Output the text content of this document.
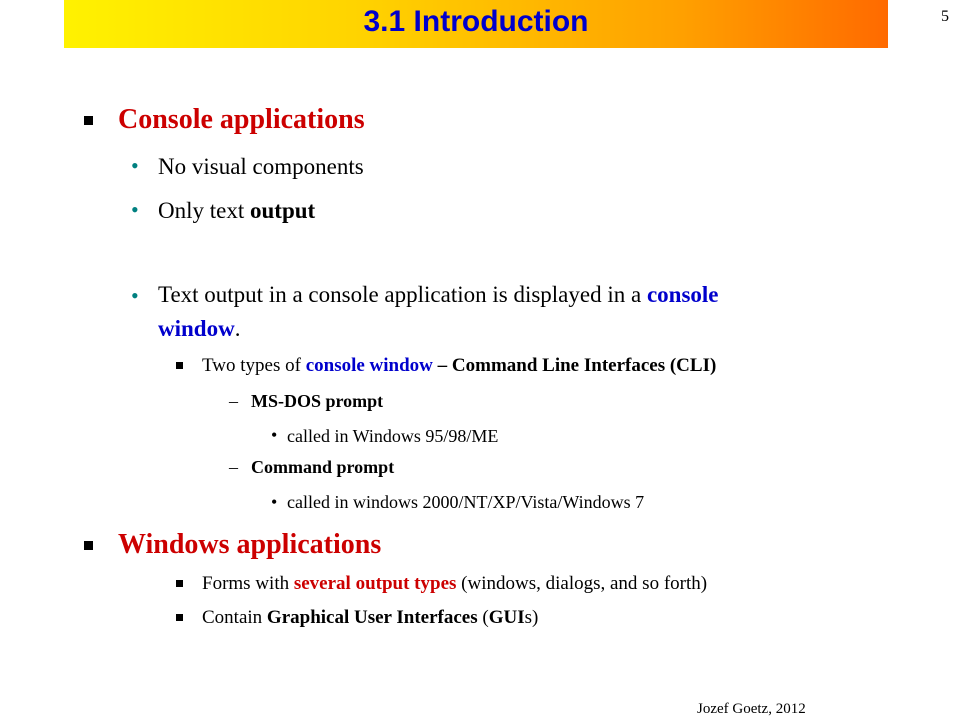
3.1 Introduction	5
Console applications
• No visual components
• Only text output
• Text output in a console application is displayed in a console
window.
Two types of console window – Command Line Interfaces (CLI)
– MS-DOS prompt
• called in Windows 95/98/ME
– Command prompt
• called in windows 2000/NT/XP/Vista/Windows 7
Windows applications
Forms with several output types (windows, dialogs, and so forth)
Contain Graphical User Interfaces (GUIs)
Jozef Goetz, 2012
